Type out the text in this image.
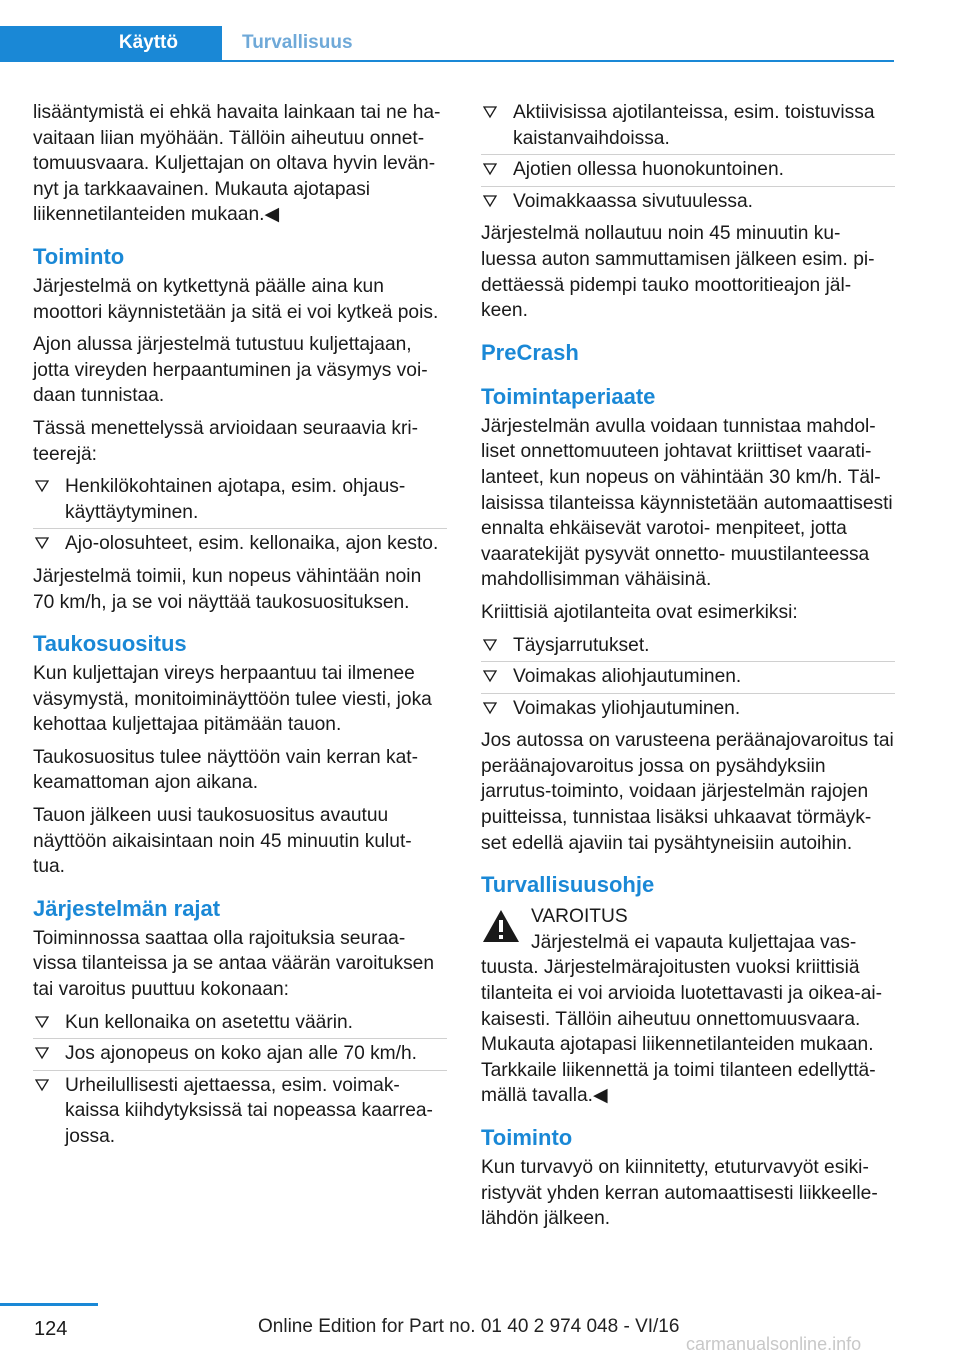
Käyttö	Turvallisuus

lisääntymistä ei ehkä havaita lainkaan tai ne ha‐ vaitaan liian myöhään. Tällöin aiheutuu onnet‐ tomuusvaara. Kuljettajan on oltava hyvin levän‐ nyt ja tarkkaavainen. Mukauta ajotapasi liikennetilanteiden mukaan.◀

Toiminto

Järjestelmä on kytkettynä päälle aina kun moottori käynnistetään ja sitä ei voi kytkeä pois.

Ajon alussa järjestelmä tutustuu kuljettajaan, jotta vireyden herpaantuminen ja väsymys voi‐ daan tunnistaa.

Tässä menettelyssä arvioidaan seuraavia kri‐ teerejä:

Henkilökohtainen ajotapa, esim. ohjaus‐ käyttäytyminen.
Ajo-olosuhteet, esim. kellonaika, ajon kesto.

Järjestelmä toimii, kun nopeus vähintään noin 70 km/h, ja se voi näyttää taukosuosituksen.

Taukosuositus

Kun kuljettajan vireys herpaantuu tai ilmenee väsymystä, monitoiminäyttöön tulee viesti, joka kehottaa kuljettajaa pitämään tauon.

Taukosuositus tulee näyttöön vain kerran kat‐ keamattoman ajon aikana.

Tauon jälkeen uusi taukosuositus avautuu näyttöön aikaisintaan noin 45 minuutin kulut‐ tua.

Järjestelmän rajat

Toiminnossa saattaa olla rajoituksia seuraa‐ vissa tilanteissa ja se antaa väärän varoituksen tai varoitus puuttuu kokonaan:

Kun kellonaika on asetettu väärin.
Jos ajonopeus on koko ajan alle 70 km/h.
Urheilullisesti ajettaessa, esim. voimak‐ kaissa kiihdytyksissä tai nopeassa kaarrea‐ jossa.
Aktiivisissa ajotilanteissa, esim. toistuvissa kaistanvaihdoissa.
Ajotien ollessa huonokuntoinen.
Voimakkaassa sivutuulessa.

Järjestelmä nollautuu noin 45 minuutin ku‐ luessa auton sammuttamisen jälkeen esim. pi‐ dettäessä pidempi tauko moottoritieajon jäl‐ keen.

PreCrash
Toimintaperiaate

Järjestelmän avulla voidaan tunnistaa mahdol‐ liset onnettomuuteen johtavat kriittiset vaarati‐ lanteet, kun nopeus on vähintään 30 km/h. Täl‐ laisissa tilanteissa käynnistetään automaattisesti ennalta ehkäisevät varotoi‐ menpiteet, jotta vaaratekijät pysyvät onnetto‐ muustilanteessa mahdollisimman vähäisinä.

Kriittisiä ajotilanteita ovat esimerkiksi:

Täysjarrutukset.
Voimakas aliohjautuminen.
Voimakas yliohjautuminen.

Jos autossa on varusteena peräänajovaroitus tai peräänajovaroitus jossa on pysähdyksiin jarrutus-toiminto, voidaan järjestelmän rajojen puitteissa, tunnistaa lisäksi uhkaavat törmäyk‐ set edellä ajaviin tai pysähtyneisiin autoihin.

Turvallisuusohje
VAROITUS

Järjestelmä ei vapauta kuljettajaa vas‐ tuusta. Järjestelmärajoitusten vuoksi kriittisiä tilanteita ei voi arvioida luotettavasti ja oikea-ai‐ kaisesti. Tällöin aiheutuu onnettomuusvaara. Mukauta ajotapasi liikennetilanteiden mukaan. Tarkkaile liikennettä ja toimi tilanteen edellyttä‐ mällä tavalla.◀

Toiminto

Kun turvavyö on kiinnitetty, etuturvavyöt esiki‐ ristyvät yhden kerran automaattisesti liikkeelle‐ lähdön jälkeen.

124	Online Edition for Part no. 01 40 2 974 048 - VI/16
carmanualsonline.info
